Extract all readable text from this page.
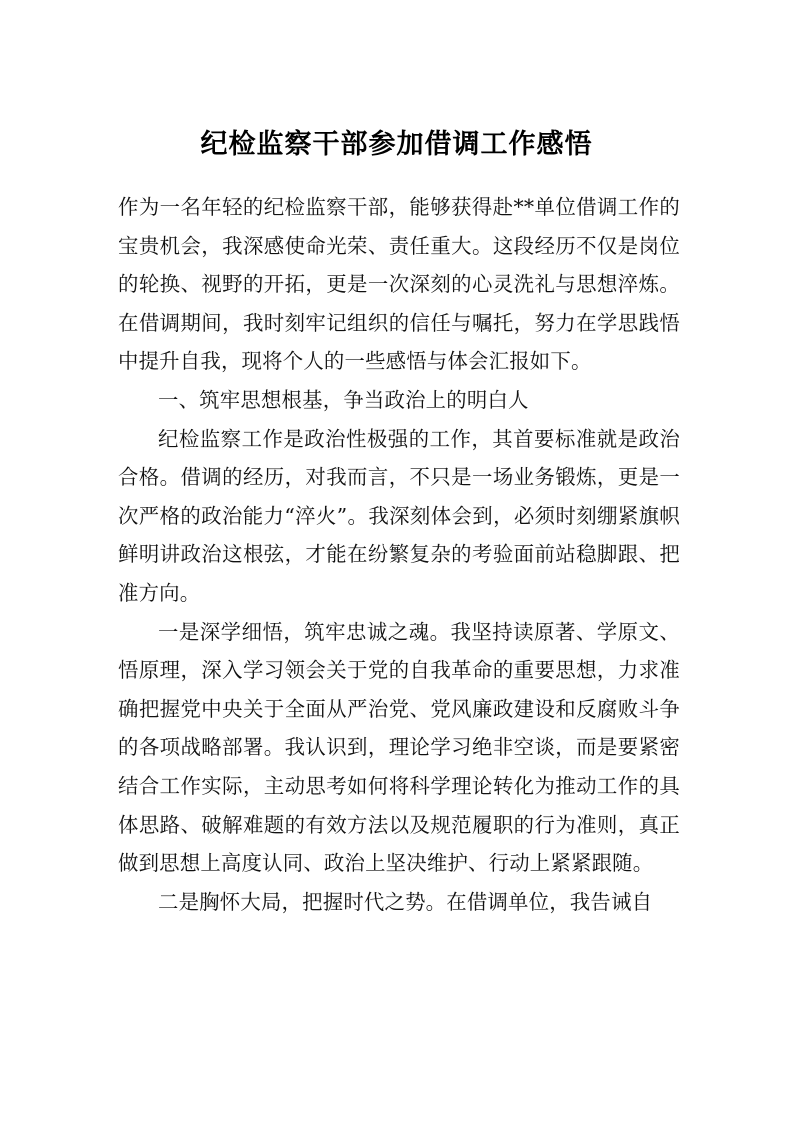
纪检监察干部参加借调工作感悟

作为一名年轻的纪检监察干部，能够获得赴**单位借调工作的宝贵机会，我深感使命光荣、责任重大。这段经历不仅是岗位的轮换、视野的开拓，更是一次深刻的心灵洗礼与思想淬炼。在借调期间，我时刻牢记组织的信任与嘱托，努力在学思践悟中提升自我，现将个人的一些感悟与体会汇报如下。

一、筑牢思想根基，争当政治上的明白人

纪检监察工作是政治性极强的工作，其首要标准就是政治合格。借调的经历，对我而言，不只是一场业务锻炼，更是一次严格的政治能力“淬火”。我深刻体会到，必须时刻绷紧旗帜鲜明讲政治这根弦，才能在纷繁复杂的考验面前站稳脚跟、把准方向。

一是深学细悟，筑牢忠诚之魂。我坚持读原著、学原文、悟原理，深入学习领会关于党的自我革命的重要思想，力求准确把握党中央关于全面从严治党、党风廉政建设和反腐败斗争的各项战略部署。我认识到，理论学习绝非空谈，而是要紧密结合工作实际，主动思考如何将科学理论转化为推动工作的具体思路、破解难题的有效方法以及规范履职的行为准则，真正做到思想上高度认同、政治上坚决维护、行动上紧紧跟随。

二是胸怀大局，把握时代之势。在借调单位，我告诫自
